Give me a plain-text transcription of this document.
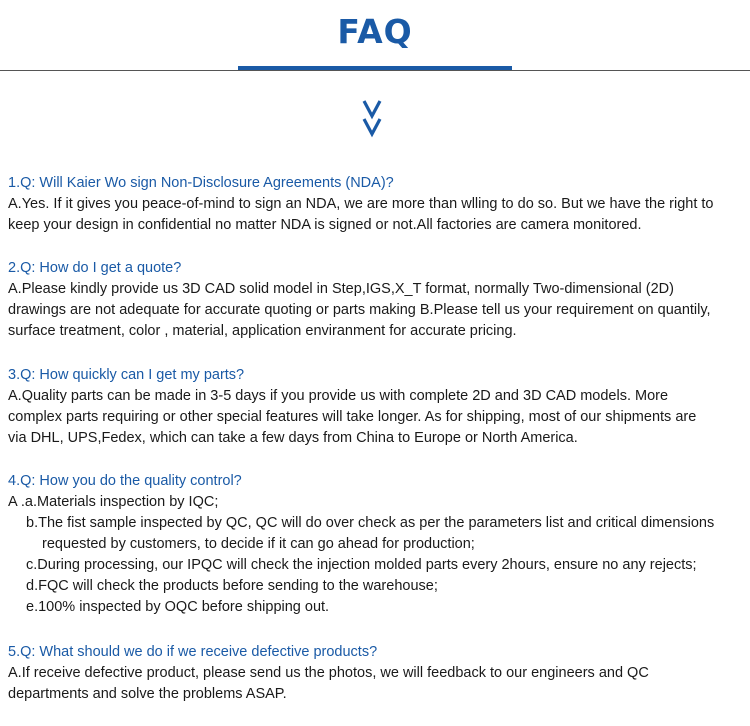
FAQ
1.Q: Will Kaier Wo sign Non-Disclosure Agreements (NDA)?
A.Yes. If it gives you peace-of-mind to sign an NDA, we are more than wlling to do so. But we have the right to
keep your design in confidential no matter NDA is signed or not.All factories are camera monitored.
2.Q: How do I get a quote?
A.Please kindly provide us 3D CAD solid model in Step,IGS,X_T format, normally Two-dimensional (2D)
drawings are not adequate for accurate quoting or parts making B.Please tell us your requirement on quantily,
surface treatment, color , material, application enviranment for accurate pricing.
3.Q: How quickly can I get my parts?
A.Quality parts can be made in 3-5 days if you provide us with complete 2D and 3D CAD models. More
complex parts requiring or other special features will take longer. As for shipping, most of our shipments are
via DHL, UPS,Fedex, which can take a few days from China to Europe or North America.
4.Q: How you do the quality control?
A .a.Materials inspection by IQC;
b.The fist sample inspected by QC, QC will do over check as per the parameters list and critical dimensions
requested by customers, to decide if it can go ahead for production;
c.During processing, our IPQC will check the injection molded parts every 2hours, ensure no any rejects;
d.FQC will check the products before sending to the warehouse;
e.100% inspected by OQC before shipping out.
5.Q: What should we do if we receive defective products?
A.If receive defective product, please send us the photos, we will feedback to our engineers and QC
departments and solve the problems ASAP.
